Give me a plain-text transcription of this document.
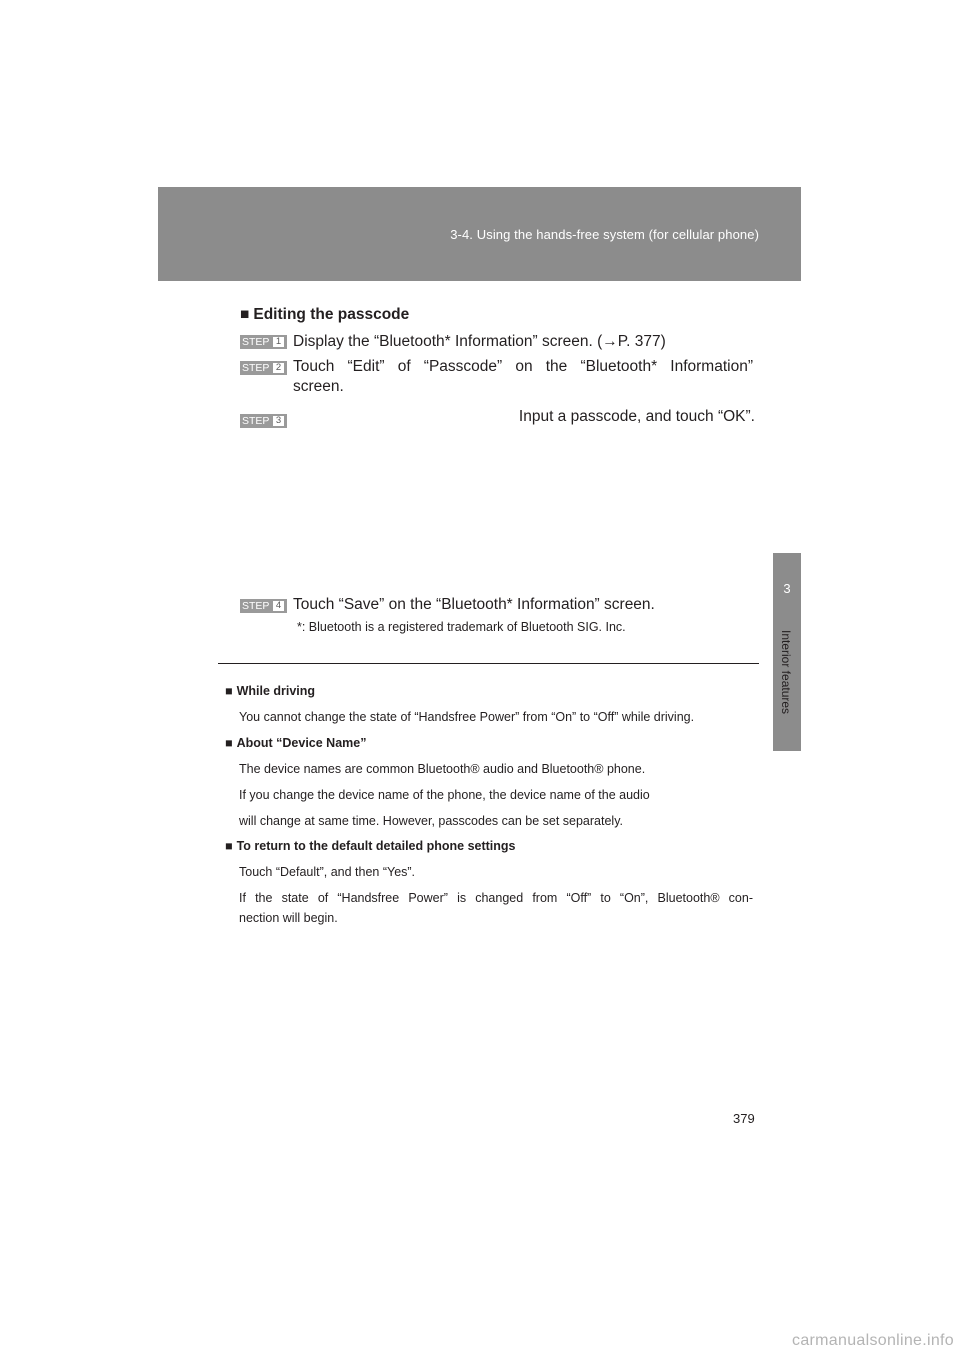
3-4. Using the hands-free system (for cellular phone)
3
Interior features
■ Editing the passcode
STEP 1 Display the “Bluetooth* Information” screen. (→P. 377)
STEP 2 Touch “Edit” of “Passcode” on the “Bluetooth* Information”
screen.
STEP 3	Input a passcode, and touch “OK”.
STEP 4 Touch “Save” on the “Bluetooth* Information” screen.
*: Bluetooth is a registered trademark of Bluetooth SIG. Inc.
■ While driving
You cannot change the state of “Handsfree Power” from “On” to “Off” while driving.
■ About “Device Name”
The device names are common Bluetooth® audio and Bluetooth® phone.
If you change the device name of the phone, the device name of the audio
will change at same time. However, passcodes can be set separately.
■ To return to the default detailed phone settings
Touch “Default”, and then “Yes”.
If the state of “Handsfree Power” is changed from “Off” to “On”, Bluetooth® con-
nection will begin.
379
carmanualsonline.info
